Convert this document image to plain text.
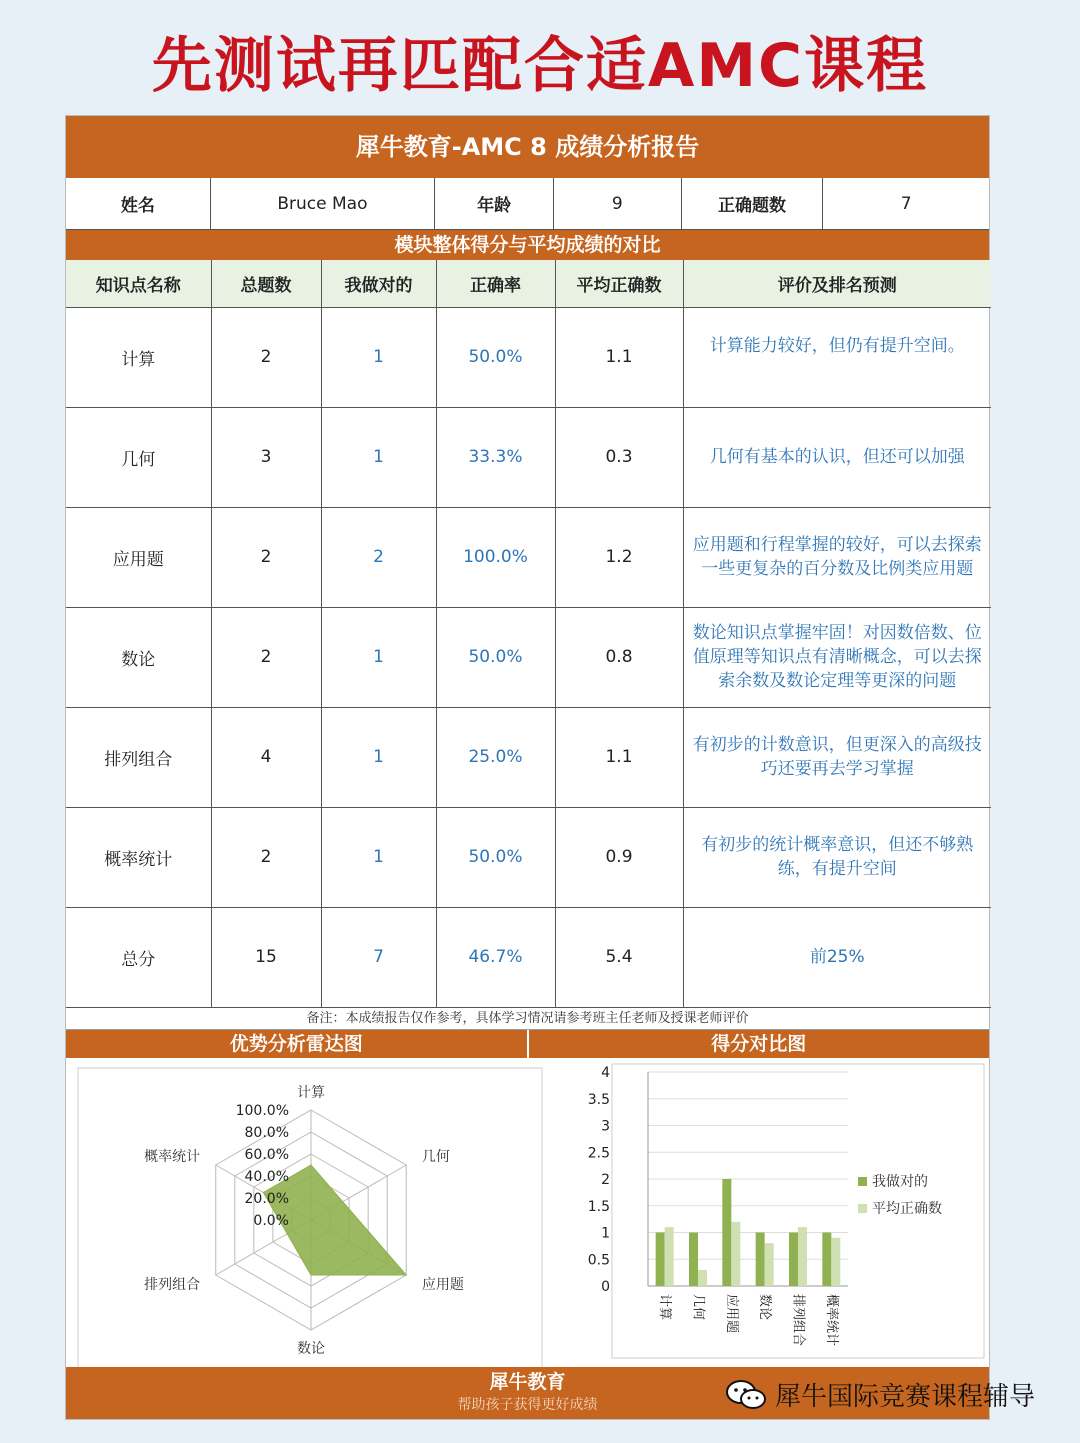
先测试再匹配合适AMC课程
犀牛教育-AMC 8 成绩分析报告
姓名	Bruce Mao	年龄	9	正确题数	7
模块整体得分与平均成绩的对比
知识点名称	总题数	我做对的	正确率	平均正确数	评价及排名预测
计算	2	1	50.0%	1.1	计算能力较好，但仍有提升空间。
几何	3	1	33.3%	0.3	几何有基本的认识，但还可以加强
应用题	2	2	100.0%	1.2	应用题和行程掌握的较好，可以去探索一些更复杂的百分数及比例类应用题
数论	2	1	50.0%	0.8	数论知识点掌握牢固！对因数倍数、位值原理等知识点有清晰概念，可以去探索余数及数论定理等更深的问题
排列组合	4	1	25.0%	1.1	有初步的计数意识，但更深入的高级技巧还要再去学习掌握
概率统计	2	1	50.0%	0.9	有初步的统计概率意识，但还不够熟练，有提升空间
总分	15	7	46.7%	5.4	前25%
备注：本成绩报告仅作参考，具体学习情况请参考班主任老师及授课老师评价
优势分析雷达图	得分对比图
0.0%
20.0%
40.0%
60.0%
80.0%
100.0%
计算
几何
应用题
数论
排列组合
概率统计
0
0.5
1
1.5
2
2.5
3
3.5
4
计算 几何 应用题 数论 排列组合 概率统计
我做对的
平均正确数
犀牛教育
帮助孩子获得更好成绩	犀牛国际竞赛课程辅导
